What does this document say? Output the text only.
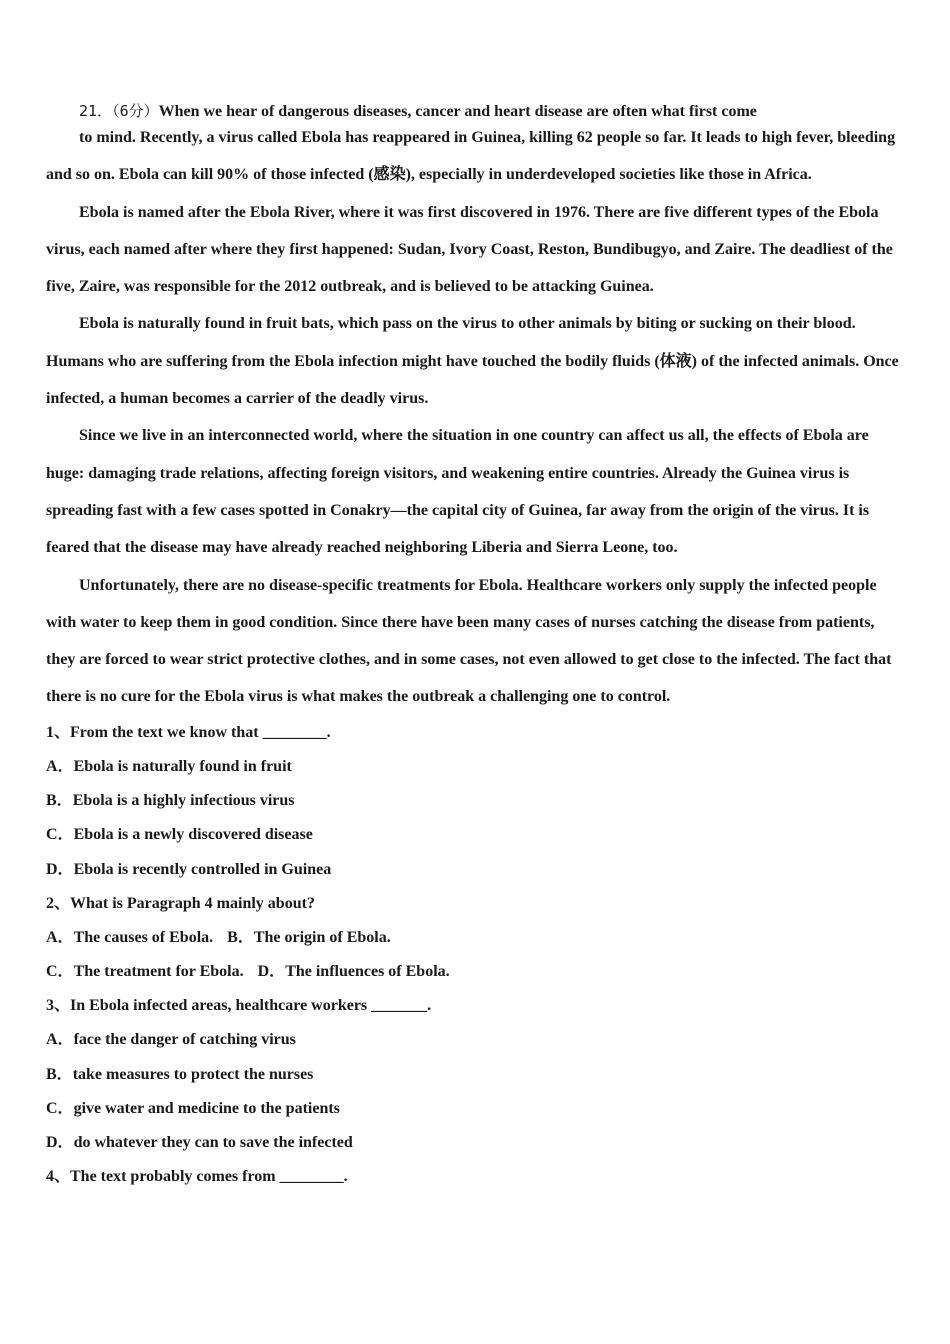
21．（6分）When we hear of dangerous diseases, cancer and heart disease are often what first come

to mind. Recently, a virus called Ebola has reappeared in Guinea, killing 62 people so far. It leads to high fever, bleeding and so on. Ebola can kill 90% of those infected (感染), especially in underdeveloped societies like those in Africa.

Ebola is named after the Ebola River, where it was first discovered in 1976. There are five different types of the Ebola virus, each named after where they first happened: Sudan, Ivory Coast, Reston, Bundibugyo, and Zaire. The deadliest of the five, Zaire, was responsible for the 2012 outbreak, and is believed to be attacking Guinea.

Ebola is naturally found in fruit bats, which pass on the virus to other animals by biting or sucking on their blood. Humans who are suffering from the Ebola infection might have touched the bodily fluids (体液) of the infected animals. Once infected, a human becomes a carrier of the deadly virus.

Since we live in an interconnected world, where the situation in one country can affect us all, the effects of Ebola are huge: damaging trade relations, affecting foreign visitors, and weakening entire countries. Already the Guinea virus is spreading fast with a few cases spotted in Conakry—the capital city of Guinea, far away from the origin of the virus. It is feared that the disease may have already reached neighboring Liberia and Sierra Leone, too.

Unfortunately, there are no disease-specific treatments for Ebola. Healthcare workers only supply the infected people with water to keep them in good condition. Since there have been many cases of nurses catching the disease from patients, they are forced to wear strict protective clothes, and in some cases, not even allowed to get close to the infected. The fact that there is no cure for the Ebola virus is what makes the outbreak a challenging one to control.

1、From the text we know that ________.

A．Ebola is naturally found in fruit

B．Ebola is a highly infectious virus

C．Ebola is a newly discovered disease

D．Ebola is recently controlled in Guinea

2、What is Paragraph 4 mainly about?

A．The causes of Ebola. B．The origin of Ebola.

C．The treatment for Ebola. D．The influences of Ebola.

3、In Ebola infected areas, healthcare workers _______.

A．face the danger of catching virus

B．take measures to protect the nurses

C．give water and medicine to the patients

D．do whatever they can to save the infected

4、The text probably comes from ________.
